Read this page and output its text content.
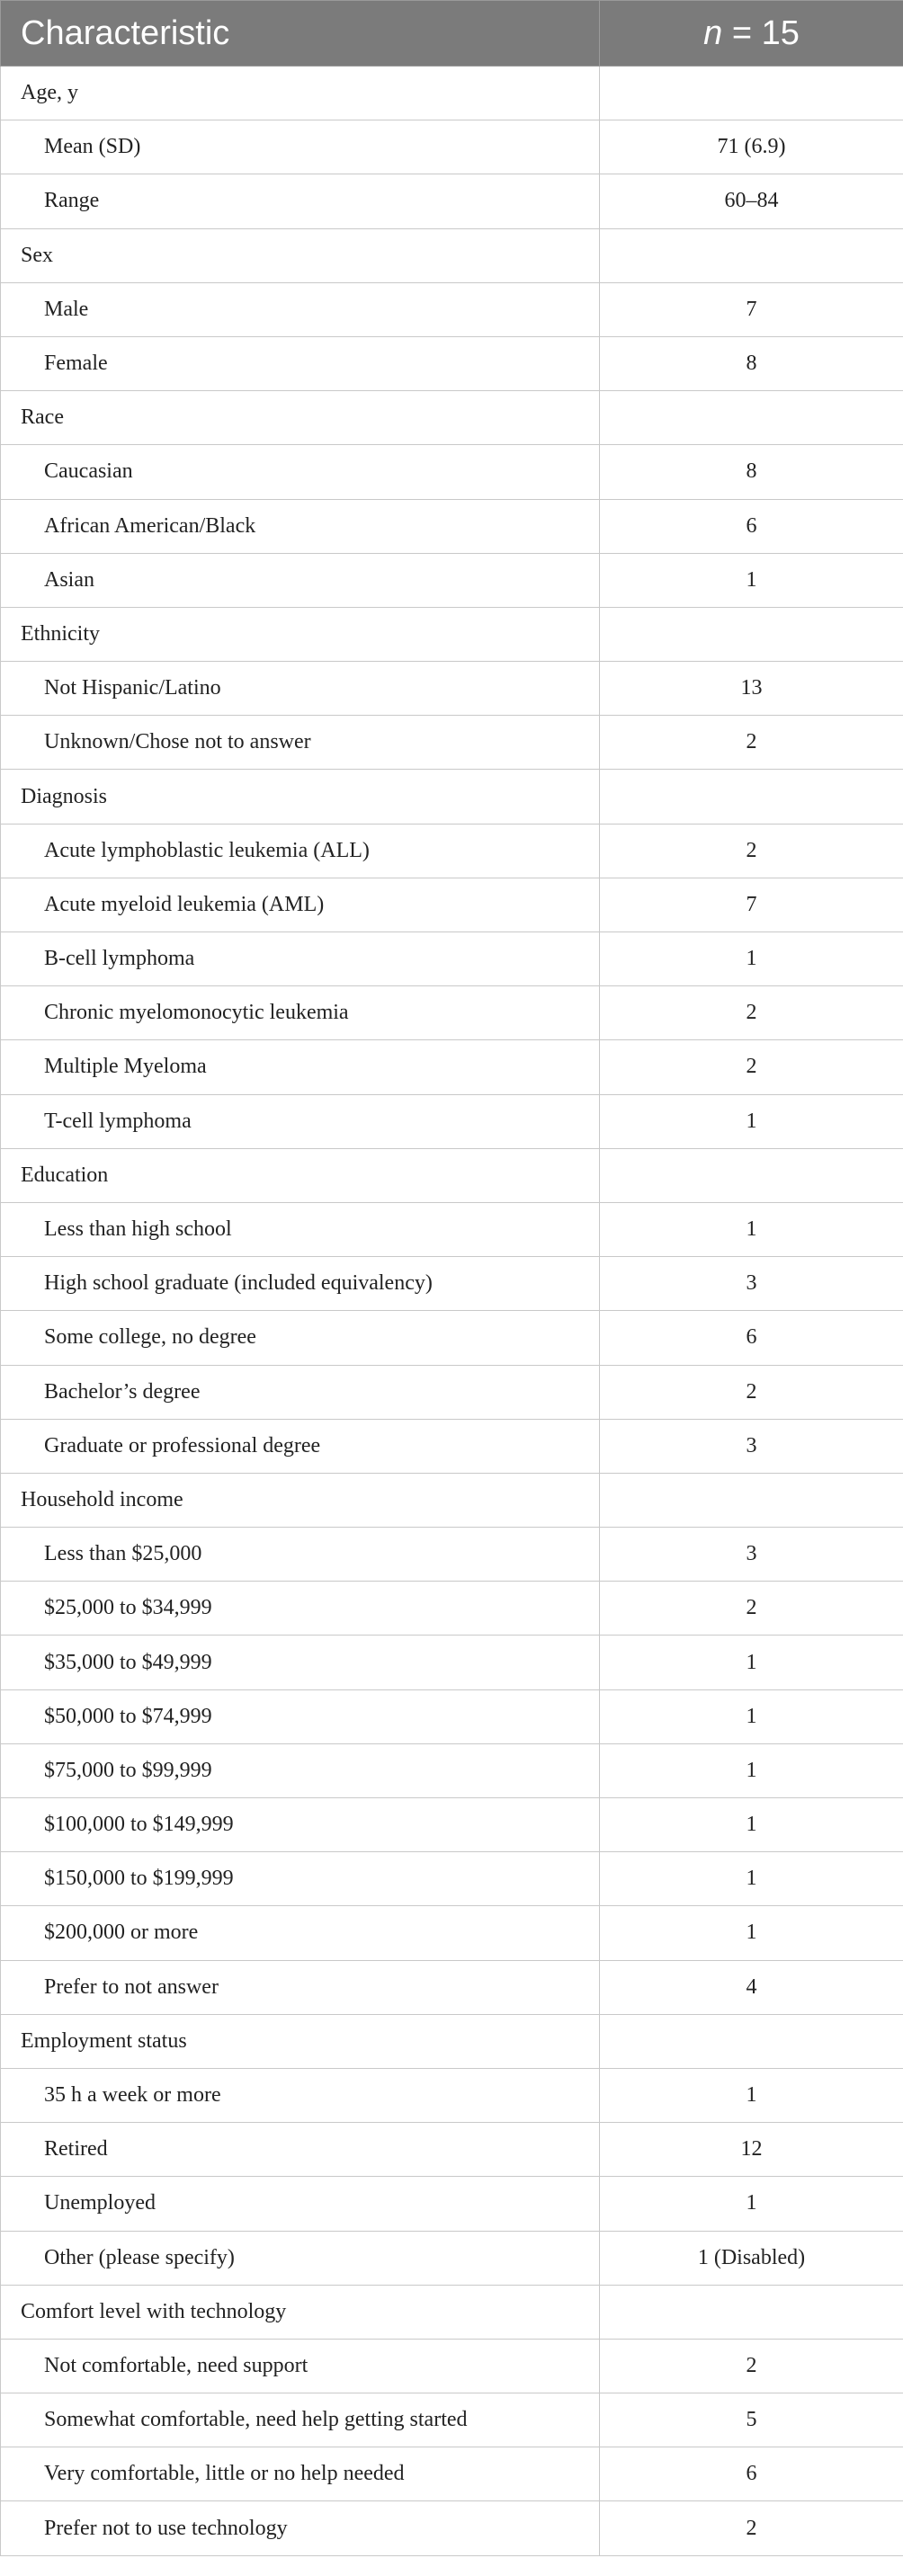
Characteristic	n = 15
Age, y	
Mean (SD)	71 (6.9)
Range	60–84
Sex	
Male	7
Female	8
Race	
Caucasian	8
African American/Black	6
Asian	1
Ethnicity	
Not Hispanic/Latino	13
Unknown/Chose not to answer	2
Diagnosis	
Acute lymphoblastic leukemia (ALL)	2
Acute myeloid leukemia (AML)	7
B-cell lymphoma	1
Chronic myelomonocytic leukemia	2
Multiple Myeloma	2
T-cell lymphoma	1
Education	
Less than high school	1
High school graduate (included equivalency)	3
Some college, no degree	6
Bachelor’s degree	2
Graduate or professional degree	3
Household income	
Less than $25,000	3
$25,000 to $34,999	2
$35,000 to $49,999	1
$50,000 to $74,999	1
$75,000 to $99,999	1
$100,000 to $149,999	1
$150,000 to $199,999	1
$200,000 or more	1
Prefer to not answer	4
Employment status	
35 h a week or more	1
Retired	12
Unemployed	1
Other (please specify)	1 (Disabled)
Comfort level with technology	
Not comfortable, need support	2
Somewhat comfortable, need help getting started	5
Very comfortable, little or no help needed	6
Prefer not to use technology	2
